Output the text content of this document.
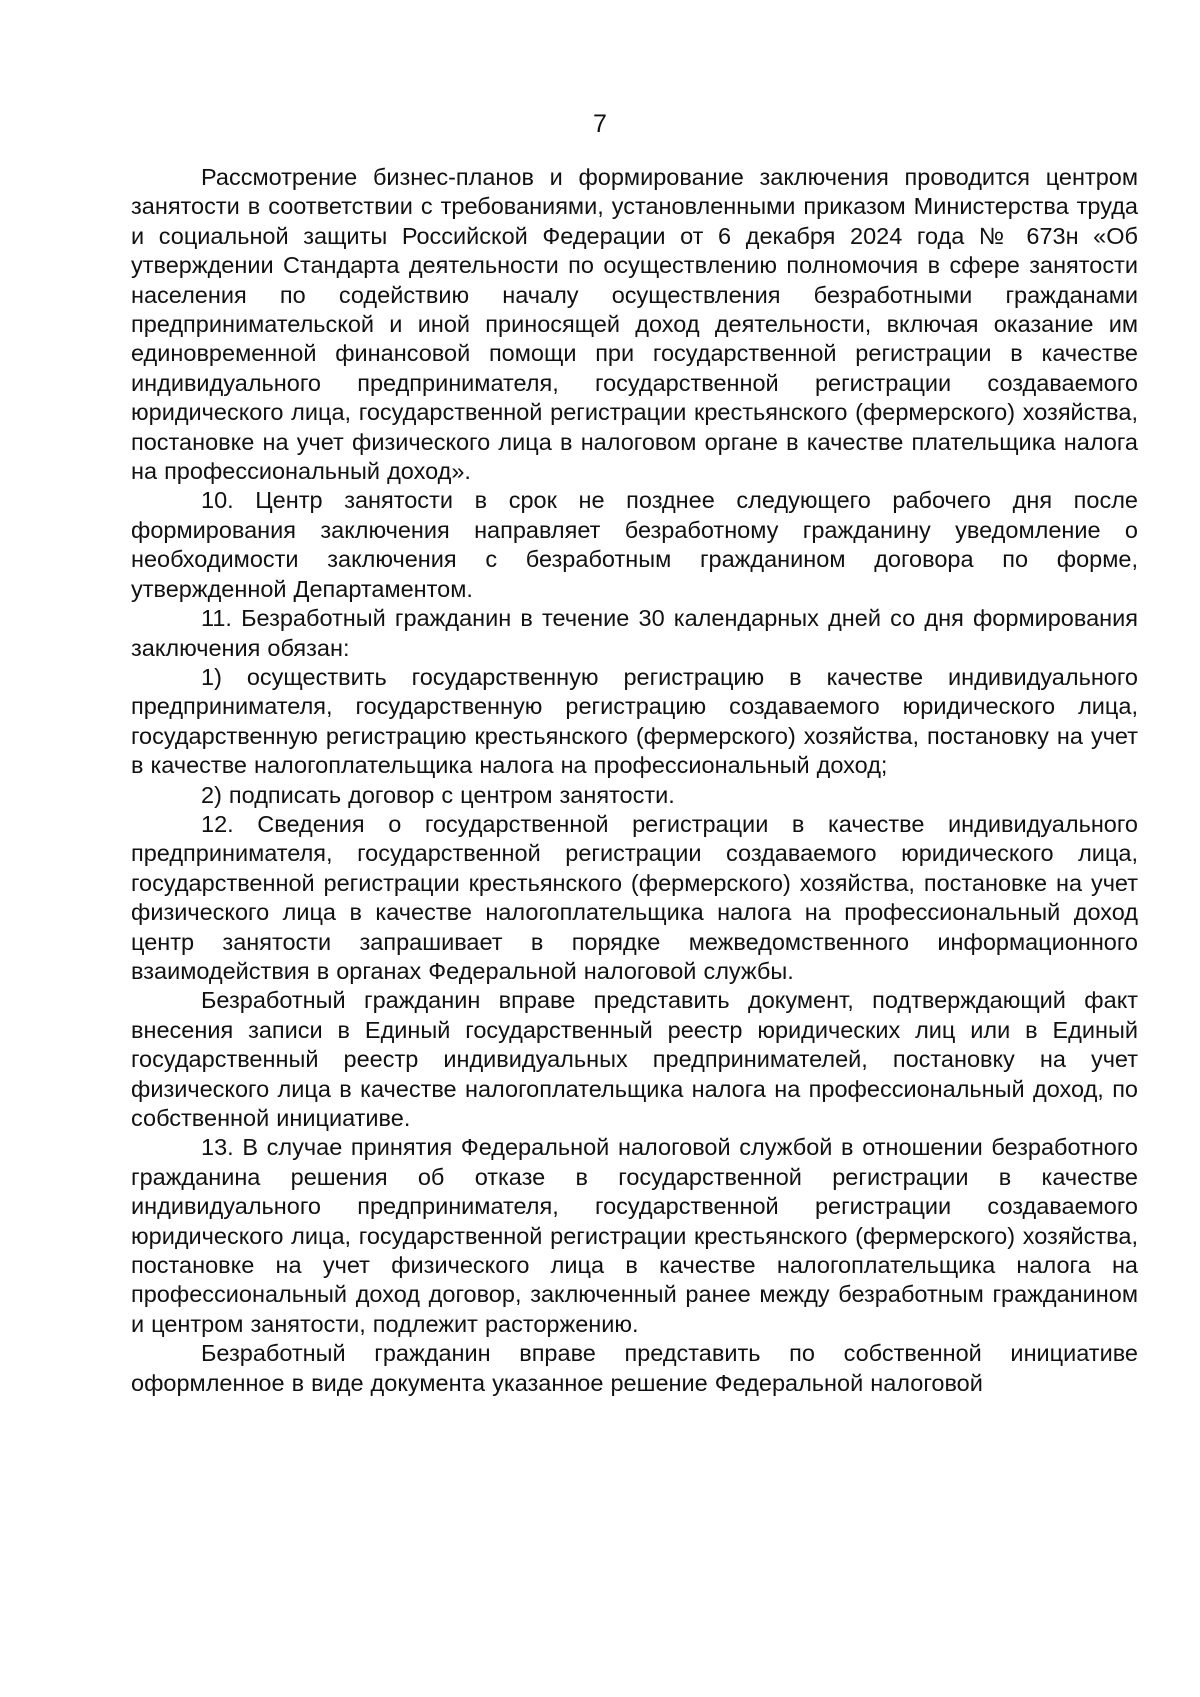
7

Рассмотрение бизнес-планов и формирование заключения проводится центром занятости в соответствии с требованиями, установленными приказом Министерства труда и социальной защиты Российской Федерации от 6 декабря 2024 года № 673н «Об утверждении Стандарта деятельности по осуществлению полномочия в сфере занятости населения по содействию началу осуществления безработными гражданами предпринимательской и иной приносящей доход деятельности, включая оказание им единовременной финансовой помощи при государственной регистрации в качестве индивидуального предпринимателя, государственной регистрации создаваемого юридического лица, государственной регистрации крестьянского (фермерского) хозяйства, постановке на учет физического лица в налоговом органе в качестве плательщика налога на профессиональный доход».

10. Центр занятости в срок не позднее следующего рабочего дня после формирования заключения направляет безработному гражданину уведомление о необходимости заключения с безработным гражданином договора по форме, утвержденной Департаментом.

11. Безработный гражданин в течение 30 календарных дней со дня формирования заключения обязан:

1) осуществить государственную регистрацию в качестве индивидуального предпринимателя, государственную регистрацию создаваемого юридического лица, государственную регистрацию крестьянского (фермерского) хозяйства, постановку на учет в качестве налогоплательщика налога на профессиональный доход;

2) подписать договор с центром занятости.

12. Сведения о государственной регистрации в качестве индивидуального предпринимателя, государственной регистрации создаваемого юридического лица, государственной регистрации крестьянского (фермерского) хозяйства, постановке на учет физического лица в качестве налогоплательщика налога на профессиональный доход центр занятости запрашивает в порядке межведомственного информационного взаимодействия в органах Федеральной налоговой службы.

Безработный гражданин вправе представить документ, подтверждающий факт внесения записи в Единый государственный реестр юридических лиц или в Единый государственный реестр индивидуальных предпринимателей, постановку на учет физического лица в качестве налогоплательщика налога на профессиональный доход, по собственной инициативе.

13. В случае принятия Федеральной налоговой службой в отношении безработного гражданина решения об отказе в государственной регистрации в качестве индивидуального предпринимателя, государственной регистрации создаваемого юридического лица, государственной регистрации крестьянского (фермерского) хозяйства, постановке на учет физического лица в качестве налогоплательщика налога на профессиональный доход договор, заключенный ранее между безработным гражданином и центром занятости, подлежит расторжению.

Безработный гражданин вправе представить по собственной инициативе оформленное в виде документа указанное решение Федеральной налоговой
